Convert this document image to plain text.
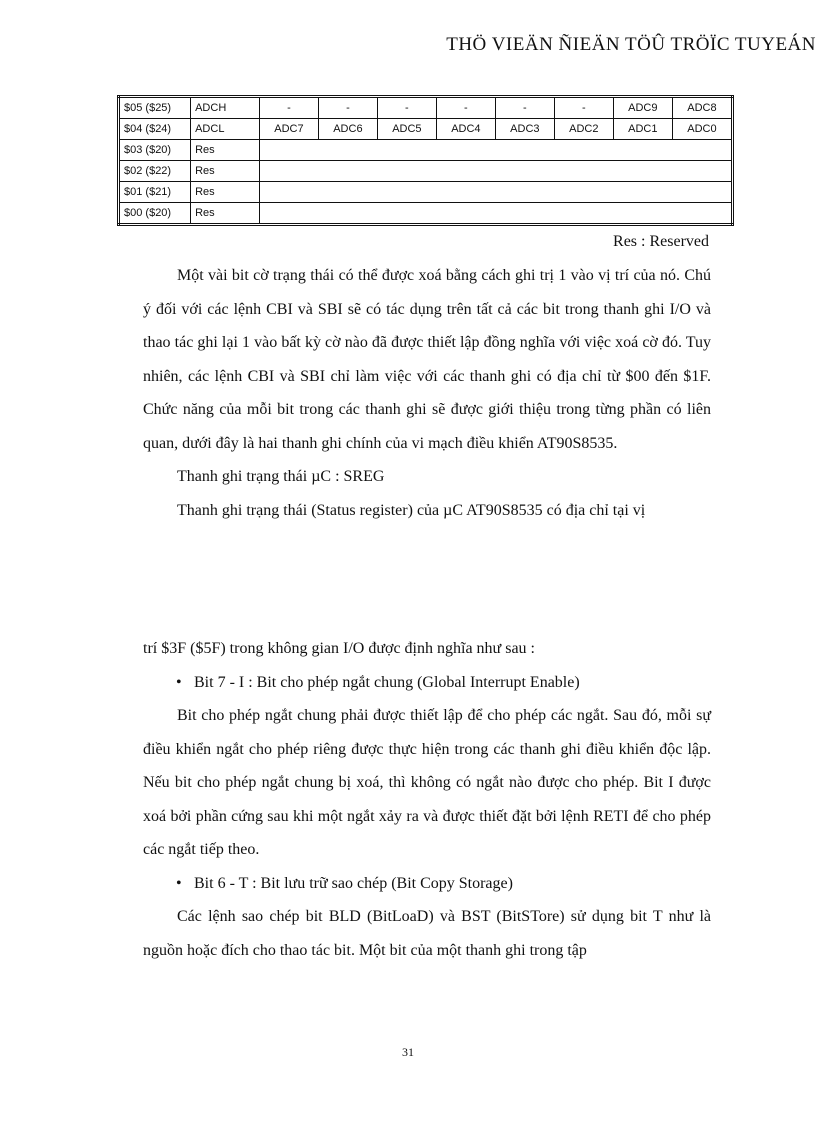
THÖ VIEÄN ÑIEÄN TÖÛ TRÖÏC TUYEÁN
$05 ($25)	ADCH	-	-	-	-	-	-	ADC9	ADC8
$04 ($24)	ADCL	ADC7	ADC6	ADC5	ADC4	ADC3	ADC2	ADC1	ADC0
$03 ($20)	Res								
$02 ($22)	Res								
$01 ($21)	Res								
$00 ($20)	Res								
Res : Reserved

Một vài bit cờ trạng thái có thể được xoá bằng cách ghi trị 1 vào vị trí của nó. Chú ý đối với các lệnh CBI và SBI sẽ có tác dụng trên tất cả các bit trong thanh ghi I/O và thao tác ghi lại 1 vào bất kỳ cờ nào đã được thiết lập đồng nghĩa với việc xoá cờ đó. Tuy nhiên, các lệnh CBI và SBI chỉ làm việc với các thanh ghi có địa chỉ từ $00 đến $1F. Chức năng của mỗi bit trong các thanh ghi sẽ được giới thiệu trong từng phần có liên quan, dưới đây là hai thanh ghi chính của vi mạch điều khiển AT90S8535.

Thanh ghi trạng thái µC : SREG

Thanh ghi trạng thái (Status register) của µC AT90S8535 có địa chỉ tại vị

trí $3F ($5F) trong không gian I/O được định nghĩa như sau :

• Bit 7 - I : Bit cho phép ngắt chung (Global Interrupt Enable)

Bit cho phép ngắt chung phải được thiết lập để cho phép các ngắt. Sau đó, mỗi sự điều khiển ngắt cho phép riêng được thực hiện trong các thanh ghi điều khiển độc lập. Nếu bit cho phép ngắt chung bị xoá, thì không có ngắt nào được cho phép. Bit I được xoá bởi phần cứng sau khi một ngắt xảy ra và được thiết đặt bởi lệnh RETI để cho phép các ngắt tiếp theo.

• Bit 6 - T : Bit lưu trữ sao chép (Bit Copy Storage)

Các lệnh sao chép bit BLD (BitLoaD) và BST (BitSTore) sử dụng bit T như là nguồn hoặc đích cho thao tác bit. Một bit của một thanh ghi trong tập

31
